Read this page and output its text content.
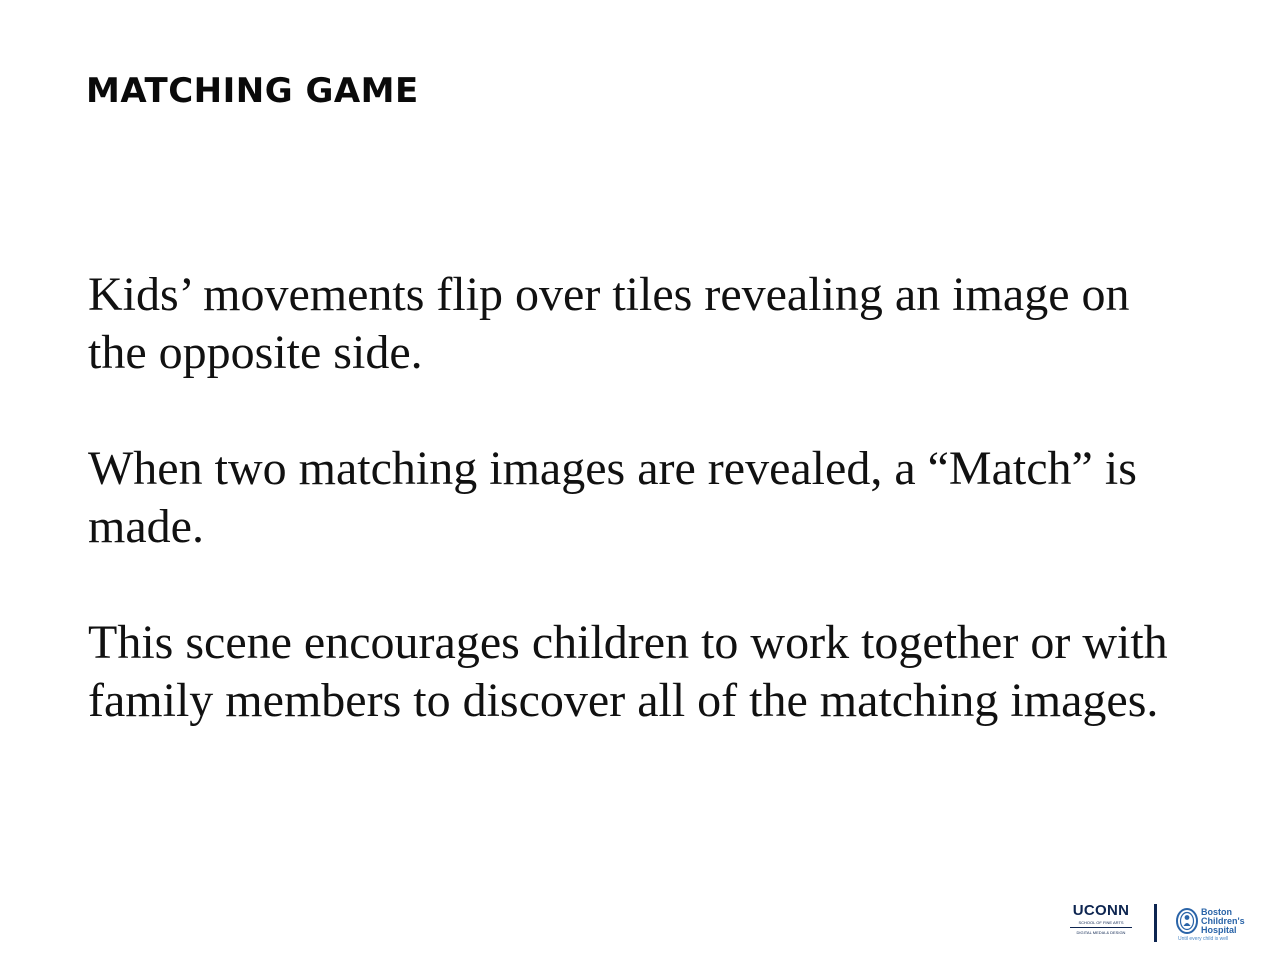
MATCHING GAME

Kids’ movements flip over tiles revealing an image on the opposite side.

When two matching images are revealed, a “Match” is made.

This scene encourages children to work together or with family members to discover all of the matching images.

UCONN
SCHOOL OF FINE ARTS
DIGITAL MEDIA & DESIGN
Boston
Children's
Hospital
Until every child is well
